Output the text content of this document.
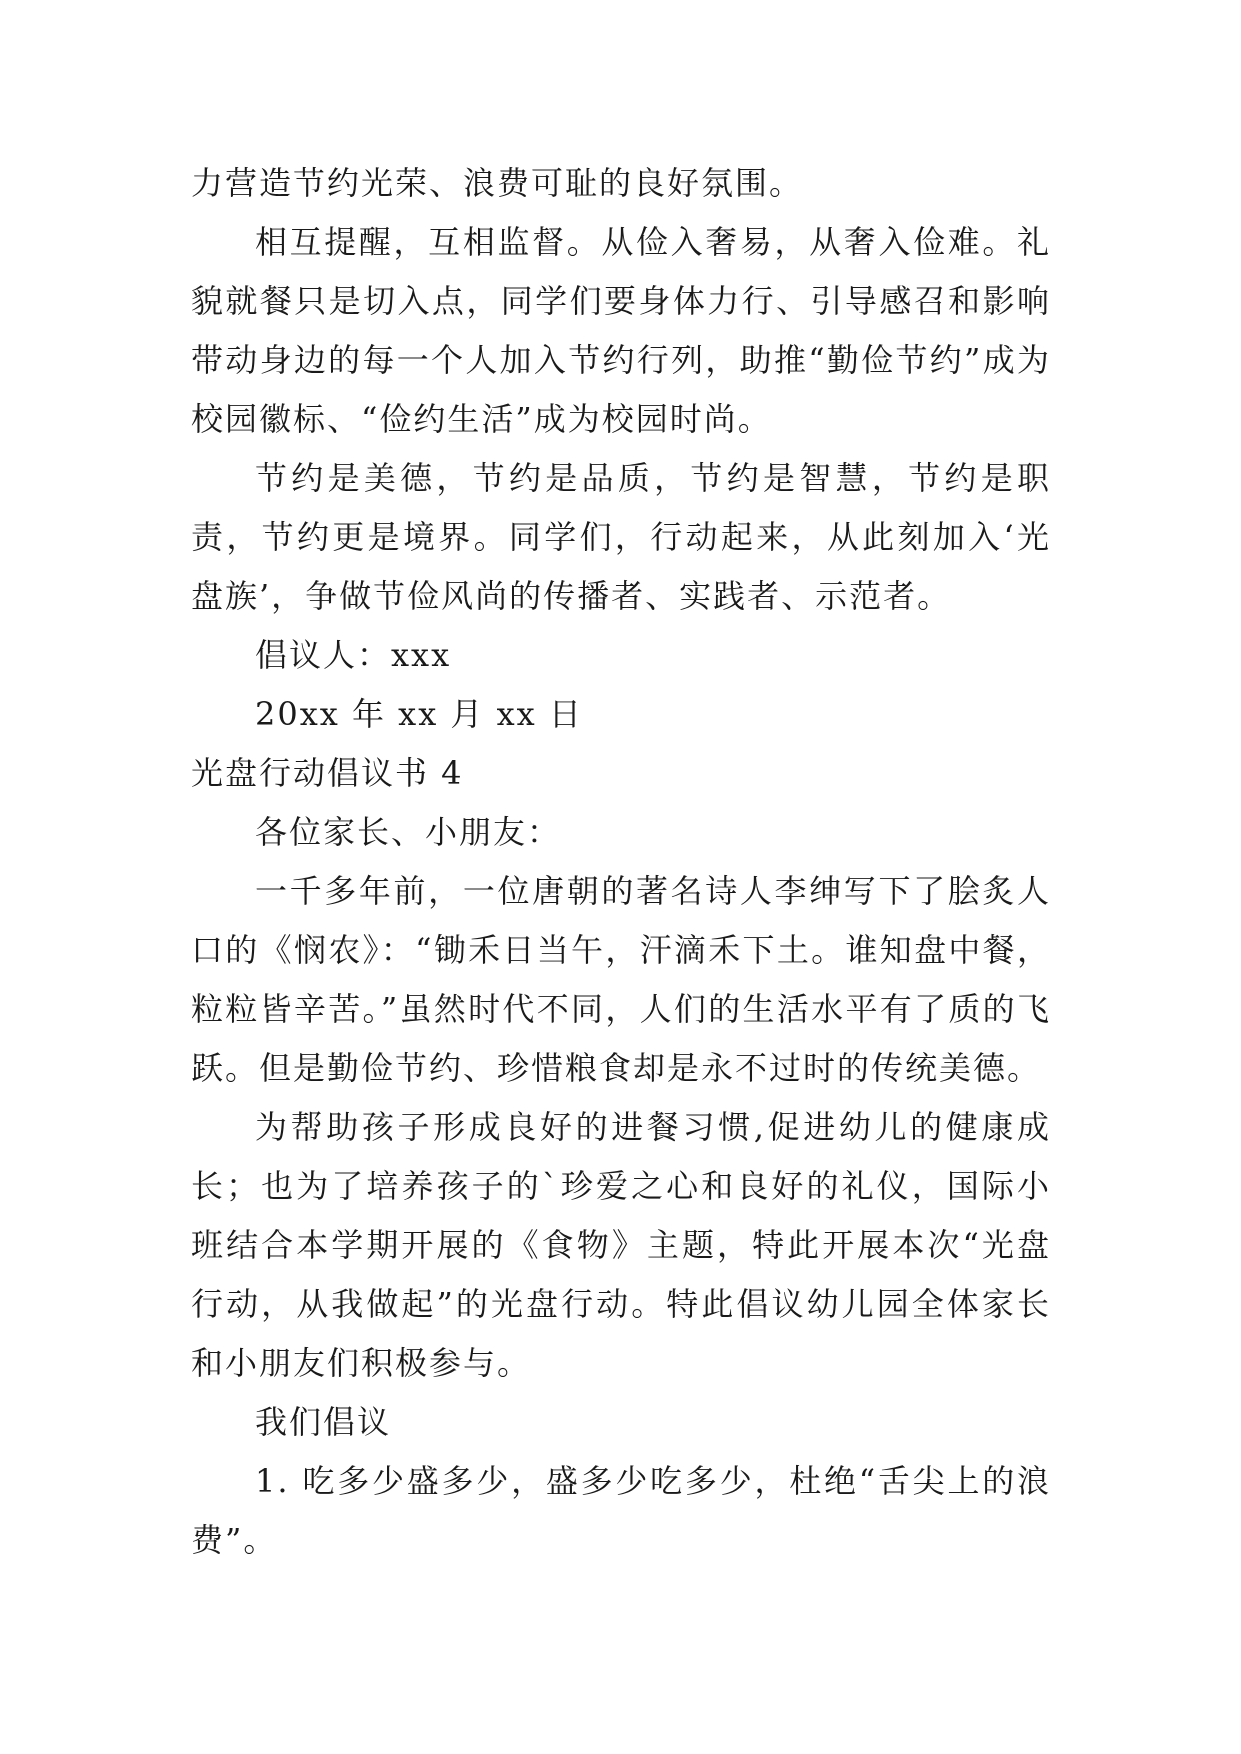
力营造节约光荣、浪费可耻的良好氛围。

相互提醒，互相监督。从俭入奢易，从奢入俭难。礼貌就餐只是切入点，同学们要身体力行、引导感召和影响带动身边的每一个人加入节约行列，助推“勤俭节约”成为校园徽标、“俭约生活”成为校园时尚。

节约是美德，节约是品质，节约是智慧，节约是职责，节约更是境界。同学们，行动起来，从此刻加入‘光盘族’，争做节俭风尚的传播者、实践者、示范者。

倡议人：xxx

20xx 年 xx 月 xx 日

光盘行动倡议书 4

各位家长、小朋友：

一千多年前，一位唐朝的著名诗人李绅写下了脍炙人口的《悯农》：“锄禾日当午，汗滴禾下土。谁知盘中餐，粒粒皆辛苦。”虽然时代不同，人们的生活水平有了质的飞跃。但是勤俭节约、珍惜粮食却是永不过时的传统美德。

为帮助孩子形成良好的进餐习惯,促进幼儿的健康成长；也为了培养孩子的`珍爱之心和良好的礼仪，国际小班结合本学期开展的《食物》主题，特此开展本次“光盘行动，从我做起”的光盘行动。特此倡议幼儿园全体家长和小朋友们积极参与。

我们倡议

1. 吃多少盛多少，盛多少吃多少，杜绝“舌尖上的浪费”。
